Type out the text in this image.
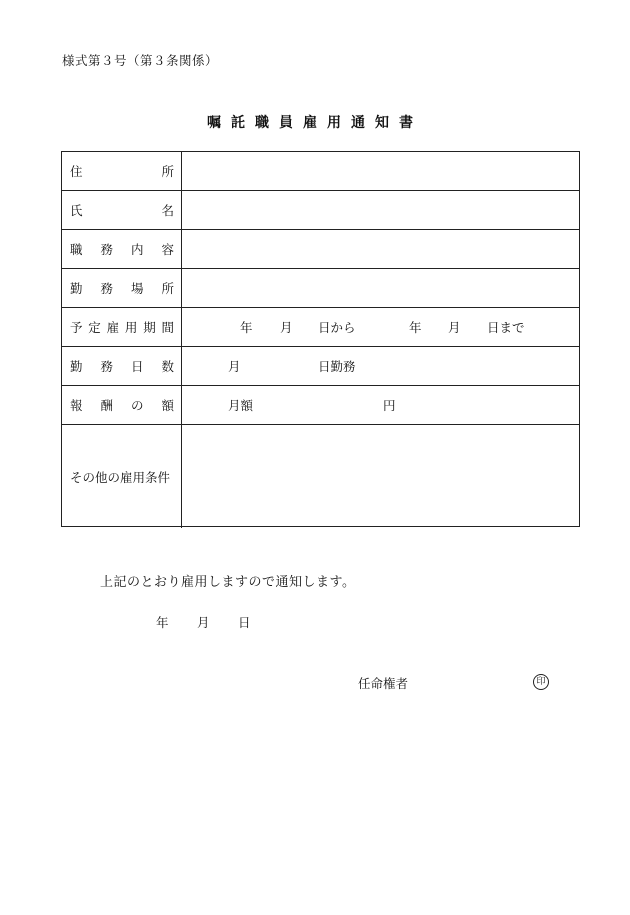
様式第３号（第３条関係）
嘱託職員雇用通知書
住	所
氏	名
職 務 内 容
勤 務 場 所
予 定 雇 用 期 間	年 月 日から	年 月 日まで
勤 務 日 数	月	日勤務
報 酬 の 額	月額	円
その他の雇用条件
上記のとおり雇用しますので通知します。
年 月 日
任命権者	印
